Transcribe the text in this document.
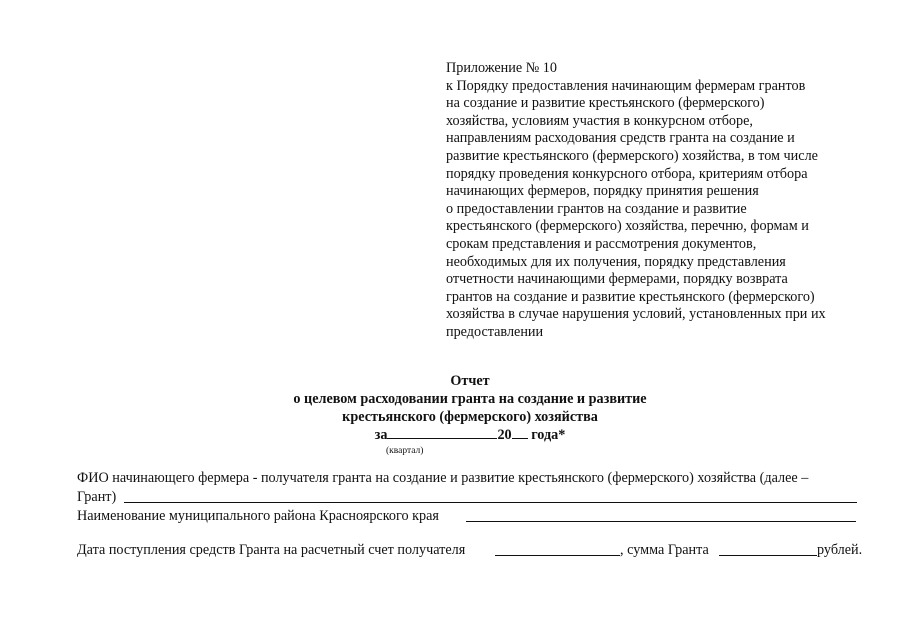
Приложение № 10
к Порядку предоставления начинающим фермерам грантов
на создание и развитие крестьянского (фермерского)
хозяйства, условиям участия в конкурсном отборе,
направлениям расходования средств гранта на создание и
развитие крестьянского (фермерского) хозяйства, в том числе
порядку проведения конкурсного отбора, критериям отбора
начинающих фермеров, порядку принятия решения
о предоставлении грантов на создание и развитие
крестьянского (фермерского) хозяйства, перечню, формам и
срокам представления и рассмотрения документов,
необходимых для их получения, порядку представления
отчетности начинающими фермерами, порядку возврата
грантов на создание и развитие крестьянского (фермерского)
хозяйства в случае нарушения условий, установленных при их
предоставлении
Отчет
о целевом расходовании гранта на создание и развитие
крестьянского (фермерского) хозяйства
за	20 года*
(квартал)
ФИО начинающего фермера - получателя гранта на создание и развитие крестьянского (фермерского) хозяйства (далее –
Грант)
Наименование муниципального района Красноярского края
Дата поступления средств Гранта на расчетный счет получателя	, сумма Гранта	рублей.
